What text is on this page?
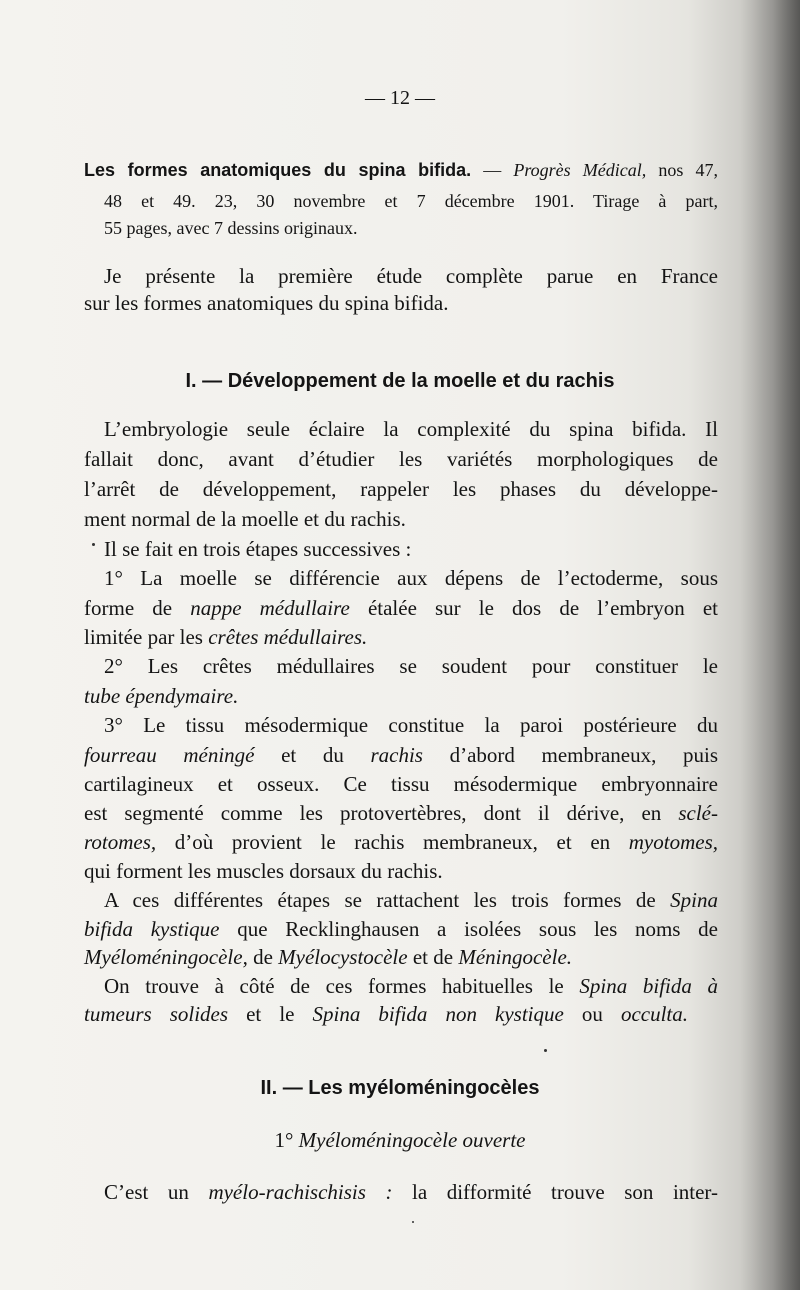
— 12 —
Les formes anatomiques du spina bifida. — Progrès Médical, nos 47,
48 et 49. 23, 30 novembre et 7 décembre 1901. Tirage à part,
55 pages, avec 7 dessins originaux.
Je présente la première étude complète parue en France
sur les formes anatomiques du spina bifida.
I. — Développement de la moelle et du rachis
L’embryologie seule éclaire la complexité du spina bifida. Il
fallait donc, avant d’étudier les variétés morphologiques de
l’arrêt de développement, rappeler les phases du développe-
ment normal de la moelle et du rachis.
Il se fait en trois étapes successives :
1° La moelle se différencie aux dépens de l’ectoderme, sous
forme de nappe médullaire étalée sur le dos de l’embryon et
limitée par les crêtes médullaires.
2° Les crêtes médullaires se soudent pour constituer le
tube épendymaire.
3° Le tissu mésodermique constitue la paroi postérieure du
fourreau méningé et du rachis d’abord membraneux, puis
cartilagineux et osseux. Ce tissu mésodermique embryonnaire
est segmenté comme les protovertèbres, dont il dérive, en sclé-
rotomes, d’où provient le rachis membraneux, et en myotomes,
qui forment les muscles dorsaux du rachis.
A ces différentes étapes se rattachent les trois formes de Spina
bifida kystique que Recklinghausen a isolées sous les noms de
Myéloméningocèle, de Myélocystocèle et de Méningocèle.
On trouve à côté de ces formes habituelles le Spina bifida à
tumeurs solides et le Spina bifida non kystique ou occulta.
II. — Les myéloméningocèles
1° Myéloméningocèle ouverte
C’est un myélo-rachischisis : la difformité trouve son inter-
